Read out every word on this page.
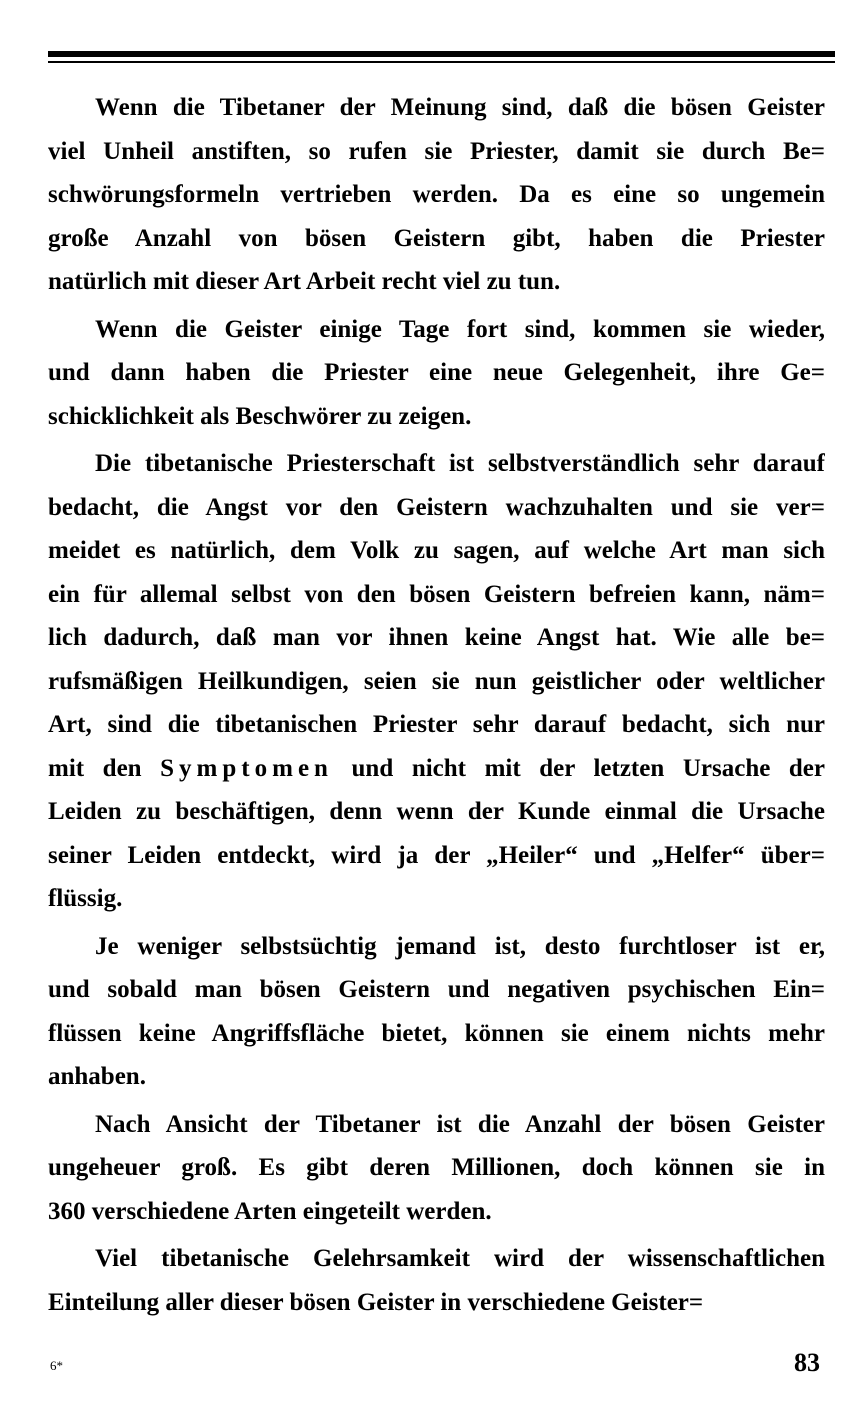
Wenn die Tibetaner der Meinung sind, daß die bösen Geister
viel Unheil anstiften, so rufen sie Priester, damit sie durch Be=
schwörungsformeln vertrieben werden. Da es eine so ungemein
große Anzahl von bösen Geistern gibt, haben die Priester
natürlich mit dieser Art Arbeit recht viel zu tun.
Wenn die Geister einige Tage fort sind, kommen sie wieder,
und dann haben die Priester eine neue Gelegenheit, ihre Ge=
schicklichkeit als Beschwörer zu zeigen.
Die tibetanische Priesterschaft ist selbstverständlich sehr darauf
bedacht, die Angst vor den Geistern wachzuhalten und sie ver=
meidet es natürlich, dem Volk zu sagen, auf welche Art man sich
ein für allemal selbst von den bösen Geistern befreien kann, näm=
lich dadurch, daß man vor ihnen keine Angst hat. Wie alle be=
rufsmäßigen Heilkundigen, seien sie nun geistlicher oder weltlicher
Art, sind die tibetanischen Priester sehr darauf bedacht, sich nur
mit den Symptomen und nicht mit der letzten Ursache der
Leiden zu beschäftigen, denn wenn der Kunde einmal die Ursache
seiner Leiden entdeckt, wird ja der „Heiler“ und „Helfer“ über=
flüssig.
Je weniger selbstsüchtig jemand ist, desto furchtloser ist er,
und sobald man bösen Geistern und negativen psychischen Ein=
flüssen keine Angriffsfläche bietet, können sie einem nichts mehr
anhaben.
Nach Ansicht der Tibetaner ist die Anzahl der bösen Geister
ungeheuer groß. Es gibt deren Millionen, doch können sie in
360 verschiedene Arten eingeteilt werden.
Viel tibetanische Gelehrsamkeit wird der wissenschaftlichen
Einteilung aller dieser bösen Geister in verschiedene Geister=
6*	83
